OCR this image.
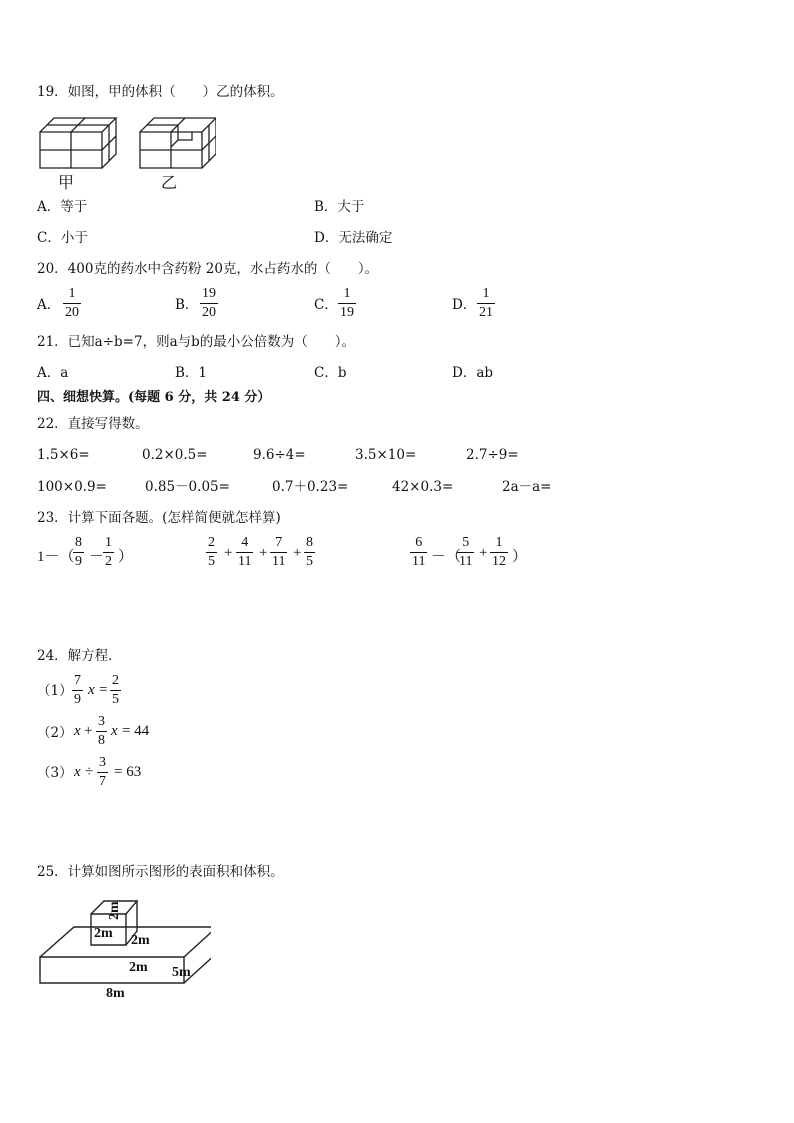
19．如图，甲的体积（　　）乙的体积。
甲	乙
A．等于	B．大于
C．小于	D．无法确定
20．400克的药水中含药粉 20克，水占药水的（　　）。
A．
1
20	B．
19
20	C．
1
19	D．
1
21
21．已知a÷b=7，则a与b的最小公倍数为（　　）。
A．a	B．1	C．b	D．ab
四、细想快算。(每题 6 分，共 24 分）
22．直接写得数。
1.5×6=	0.2×0.5=	9.6÷4=	3.5×10=	2.7÷9=
100×0.9=	0.85－0.05=	0.7＋0.23=	42×0.3=	2a－a=
23．计算下面各题。(怎样简便就怎样算)
1－（
8
9 －
1
2 ）
2
5
+
4
11
+
7
11
+
8
5
6
11 －（
5
11
+
1
12 ）
24．解方程．
（1）
7
9
x =
2
5
（2） x +
3
8
x = 44
（3） x ÷
3
7
= 63
25．计算如图所示图形的表面积和体积。
2m
2m 2m
2m 5m
8m
